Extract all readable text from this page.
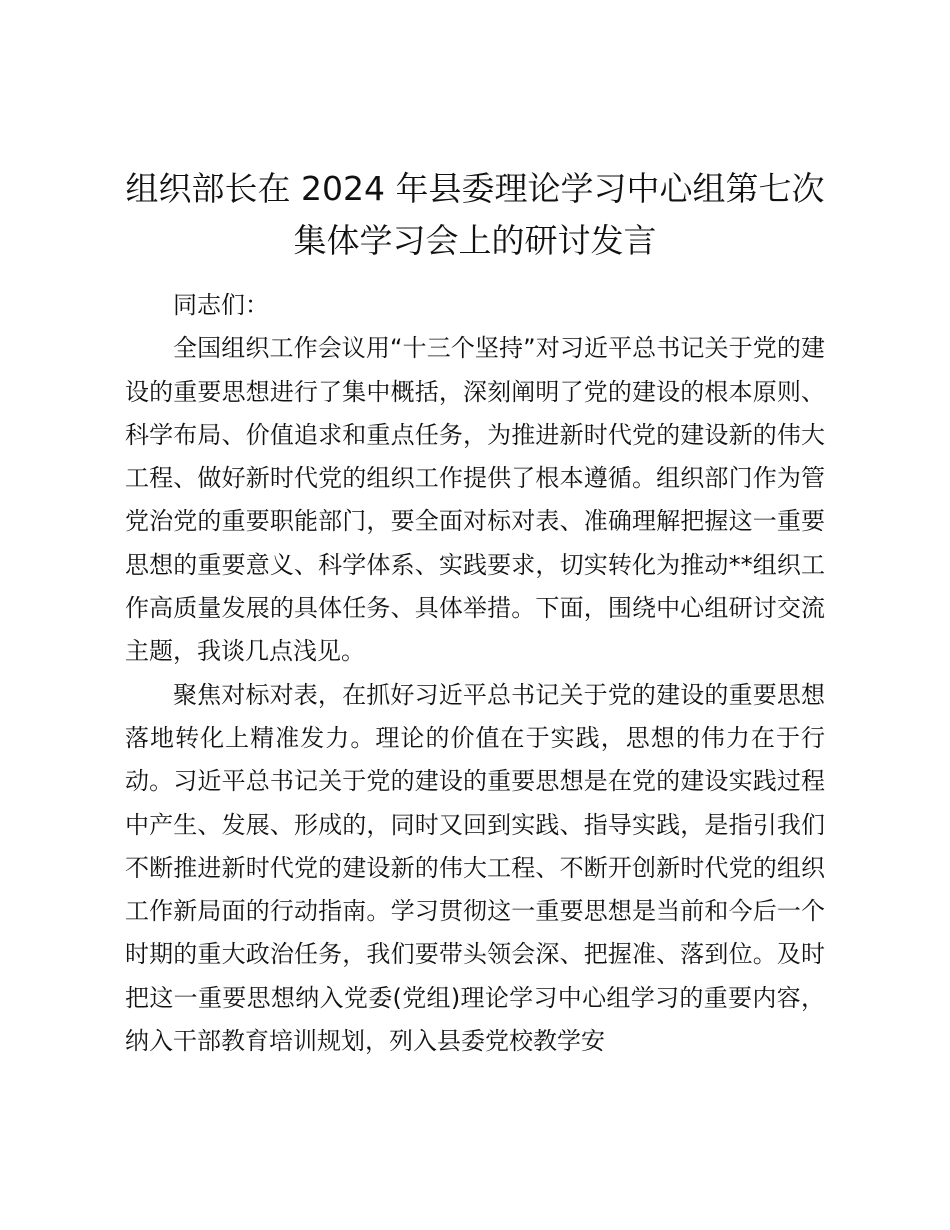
组织部长在 2024 年县委理论学习中心组第七次集体学习会上的研讨发言

同志们：

全国组织工作会议用“十三个坚持”对习近平总书记关于党的建设的重要思想进行了集中概括，深刻阐明了党的建设的根本原则、科学布局、价值追求和重点任务，为推进新时代党的建设新的伟大工程、做好新时代党的组织工作提供了根本遵循。组织部门作为管党治党的重要职能部门，要全面对标对表、准确理解把握这一重要思想的重要意义、科学体系、实践要求，切实转化为推动**组织工作高质量发展的具体任务、具体举措。下面，围绕中心组研讨交流主题，我谈几点浅见。

聚焦对标对表，在抓好习近平总书记关于党的建设的重要思想落地转化上精准发力。理论的价值在于实践，思想的伟力在于行动。习近平总书记关于党的建设的重要思想是在党的建设实践过程中产生、发展、形成的，同时又回到实践、指导实践，是指引我们不断推进新时代党的建设新的伟大工程、不断开创新时代党的组织工作新局面的行动指南。学习贯彻这一重要思想是当前和今后一个时期的重大政治任务，我们要带头领会深、把握准、落到位。及时把这一重要思想纳入党委(党组)理论学习中心组学习的重要内容，纳入干部教育培训规划，列入县委党校教学安
